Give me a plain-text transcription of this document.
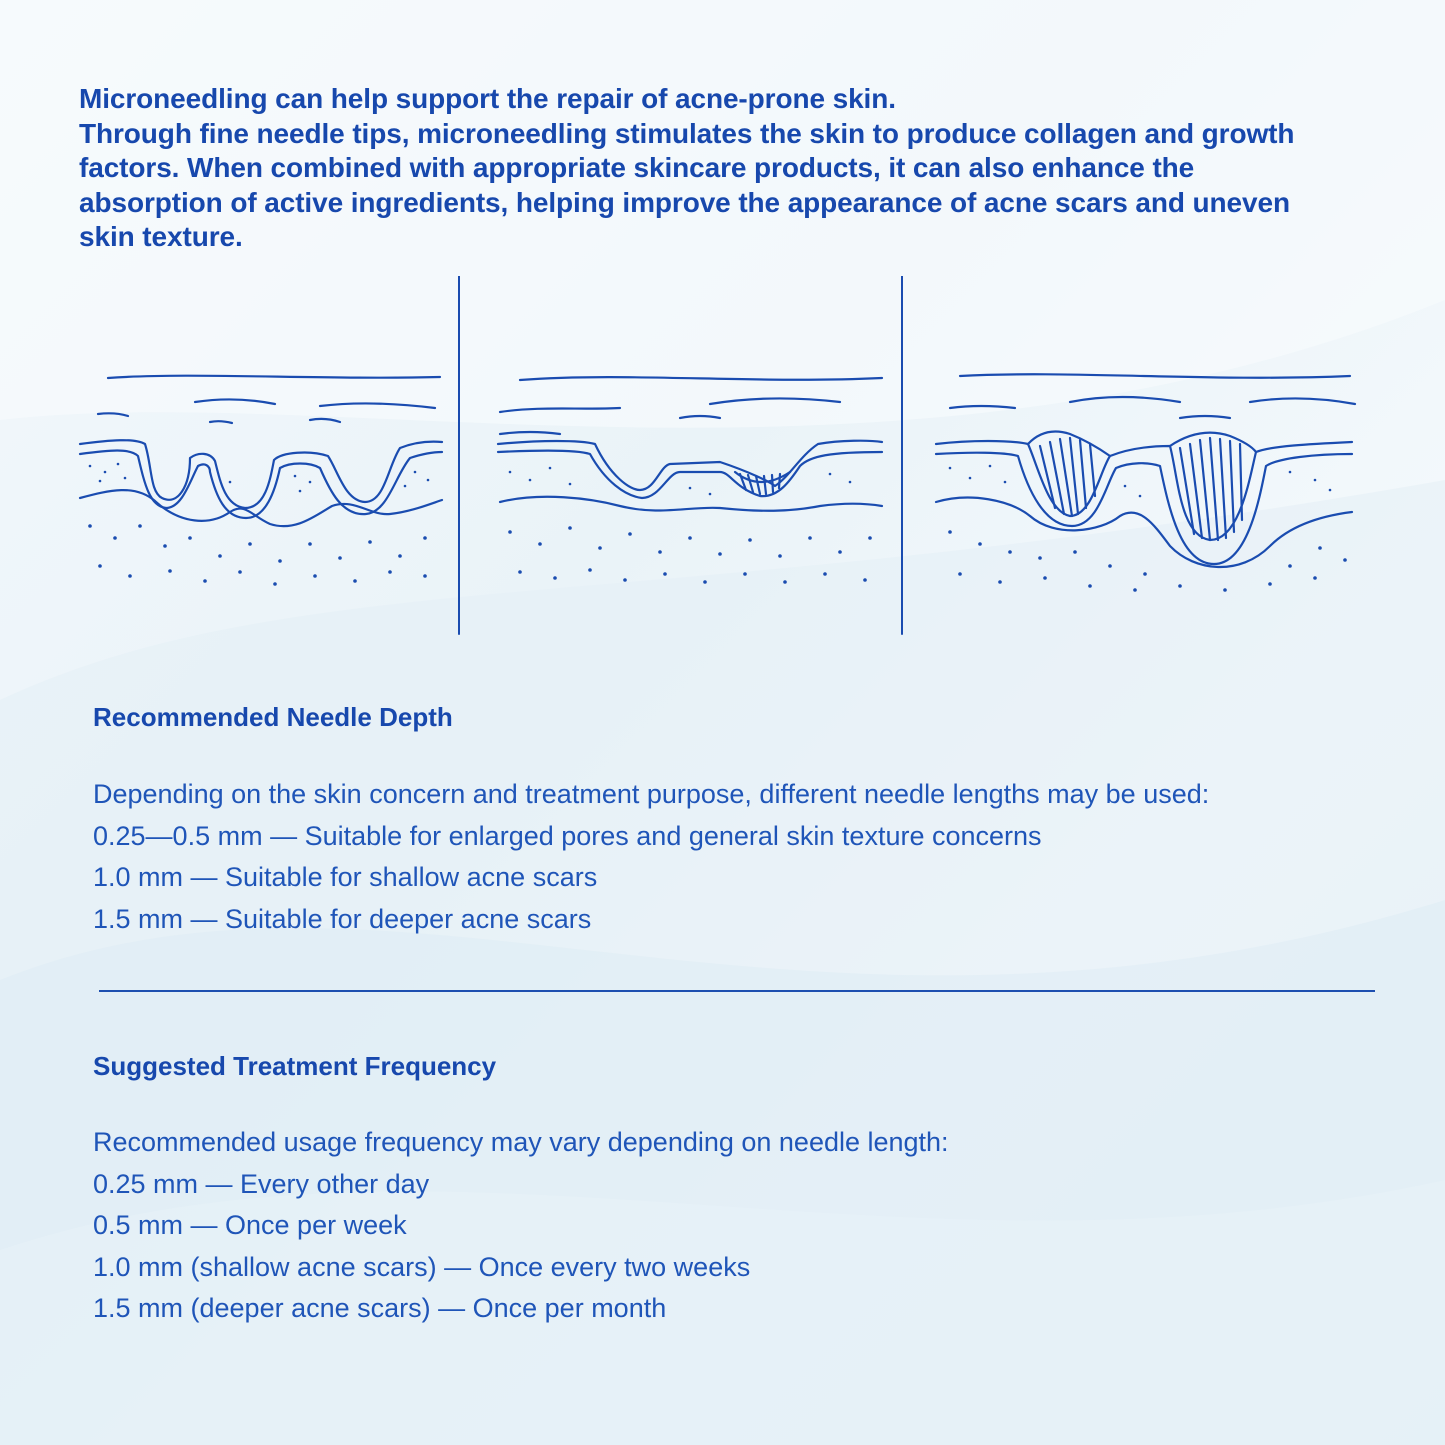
Microneedling can help support the repair of acne-prone skin.

Through fine needle tips, microneedling stimulates the skin to produce collagen and growth factors. When combined with appropriate skincare products, it can also enhance the absorption of active ingredients, helping improve the appearance of acne scars and uneven skin texture.

Recommended Needle Depth

Depending on the skin concern and treatment purpose, different needle lengths may be used:

0.25—0.5 mm — Suitable for enlarged pores and general skin texture concerns

1.0 mm — Suitable for shallow acne scars

1.5 mm — Suitable for deeper acne scars

Suggested Treatment Frequency

Recommended usage frequency may vary depending on needle length:

0.25 mm — Every other day

0.5 mm — Once per week

1.0 mm (shallow acne scars) — Once every two weeks

1.5 mm (deeper acne scars) — Once per month
